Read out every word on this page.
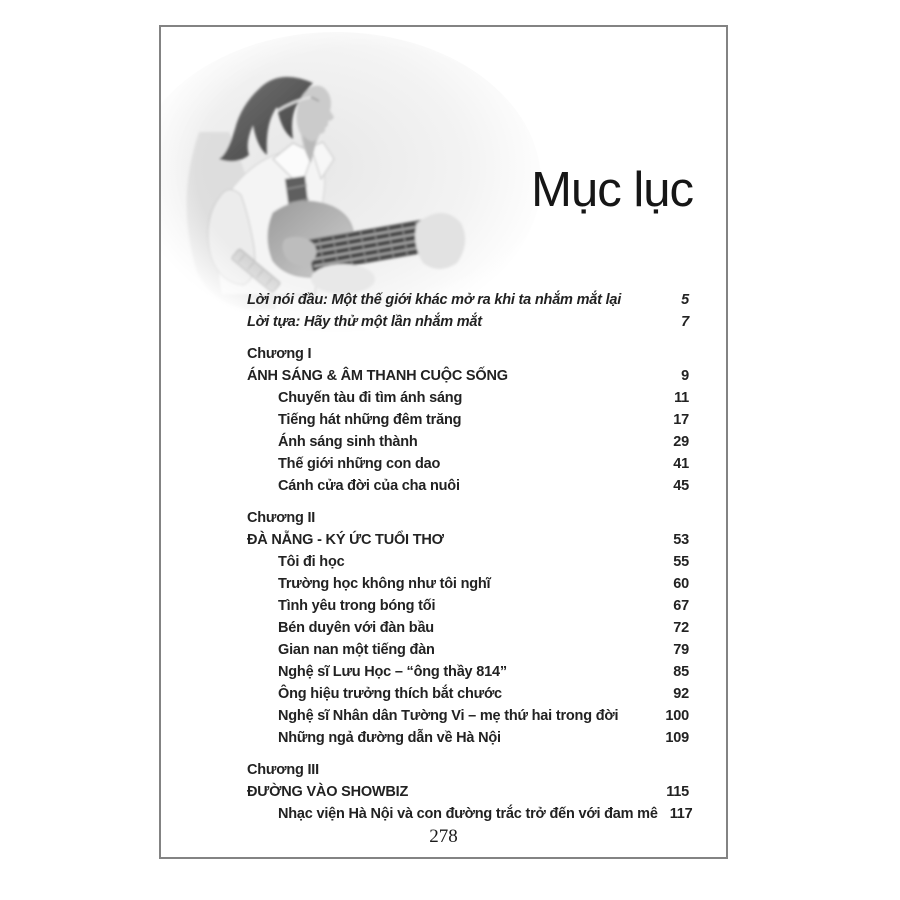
Mục lục
Lời nói đầu: Một thế giới khác mở ra khi ta nhắm mắt lại	5
Lời tựa: Hãy thử một lần nhắm mắt	7
Chương I
ÁNH SÁNG & ÂM THANH CUỘC SỐNG	9
Chuyến tàu đi tìm ánh sáng	11
Tiếng hát những đêm trăng	17
Ánh sáng sinh thành	29
Thế giới những con dao	41
Cánh cửa đời của cha nuôi	45
Chương II
ĐÀ NẴNG - KÝ ỨC TUỔI THƠ	53
Tôi đi học	55
Trường học không như tôi nghĩ	60
Tình yêu trong bóng tối	67
Bén duyên với đàn bầu	72
Gian nan một tiếng đàn	79
Nghệ sĩ Lưu Học – “ông thầy 814”	85
Ông hiệu trưởng thích bắt chước	92
Nghệ sĩ Nhân dân Tường Vi – mẹ thứ hai trong đời	100
Những ngả đường dẫn về Hà Nội	109
Chương III
ĐƯỜNG VÀO SHOWBIZ	115
Nhạc viện Hà Nội và con đường trắc trở đến với đam mê 117
278
